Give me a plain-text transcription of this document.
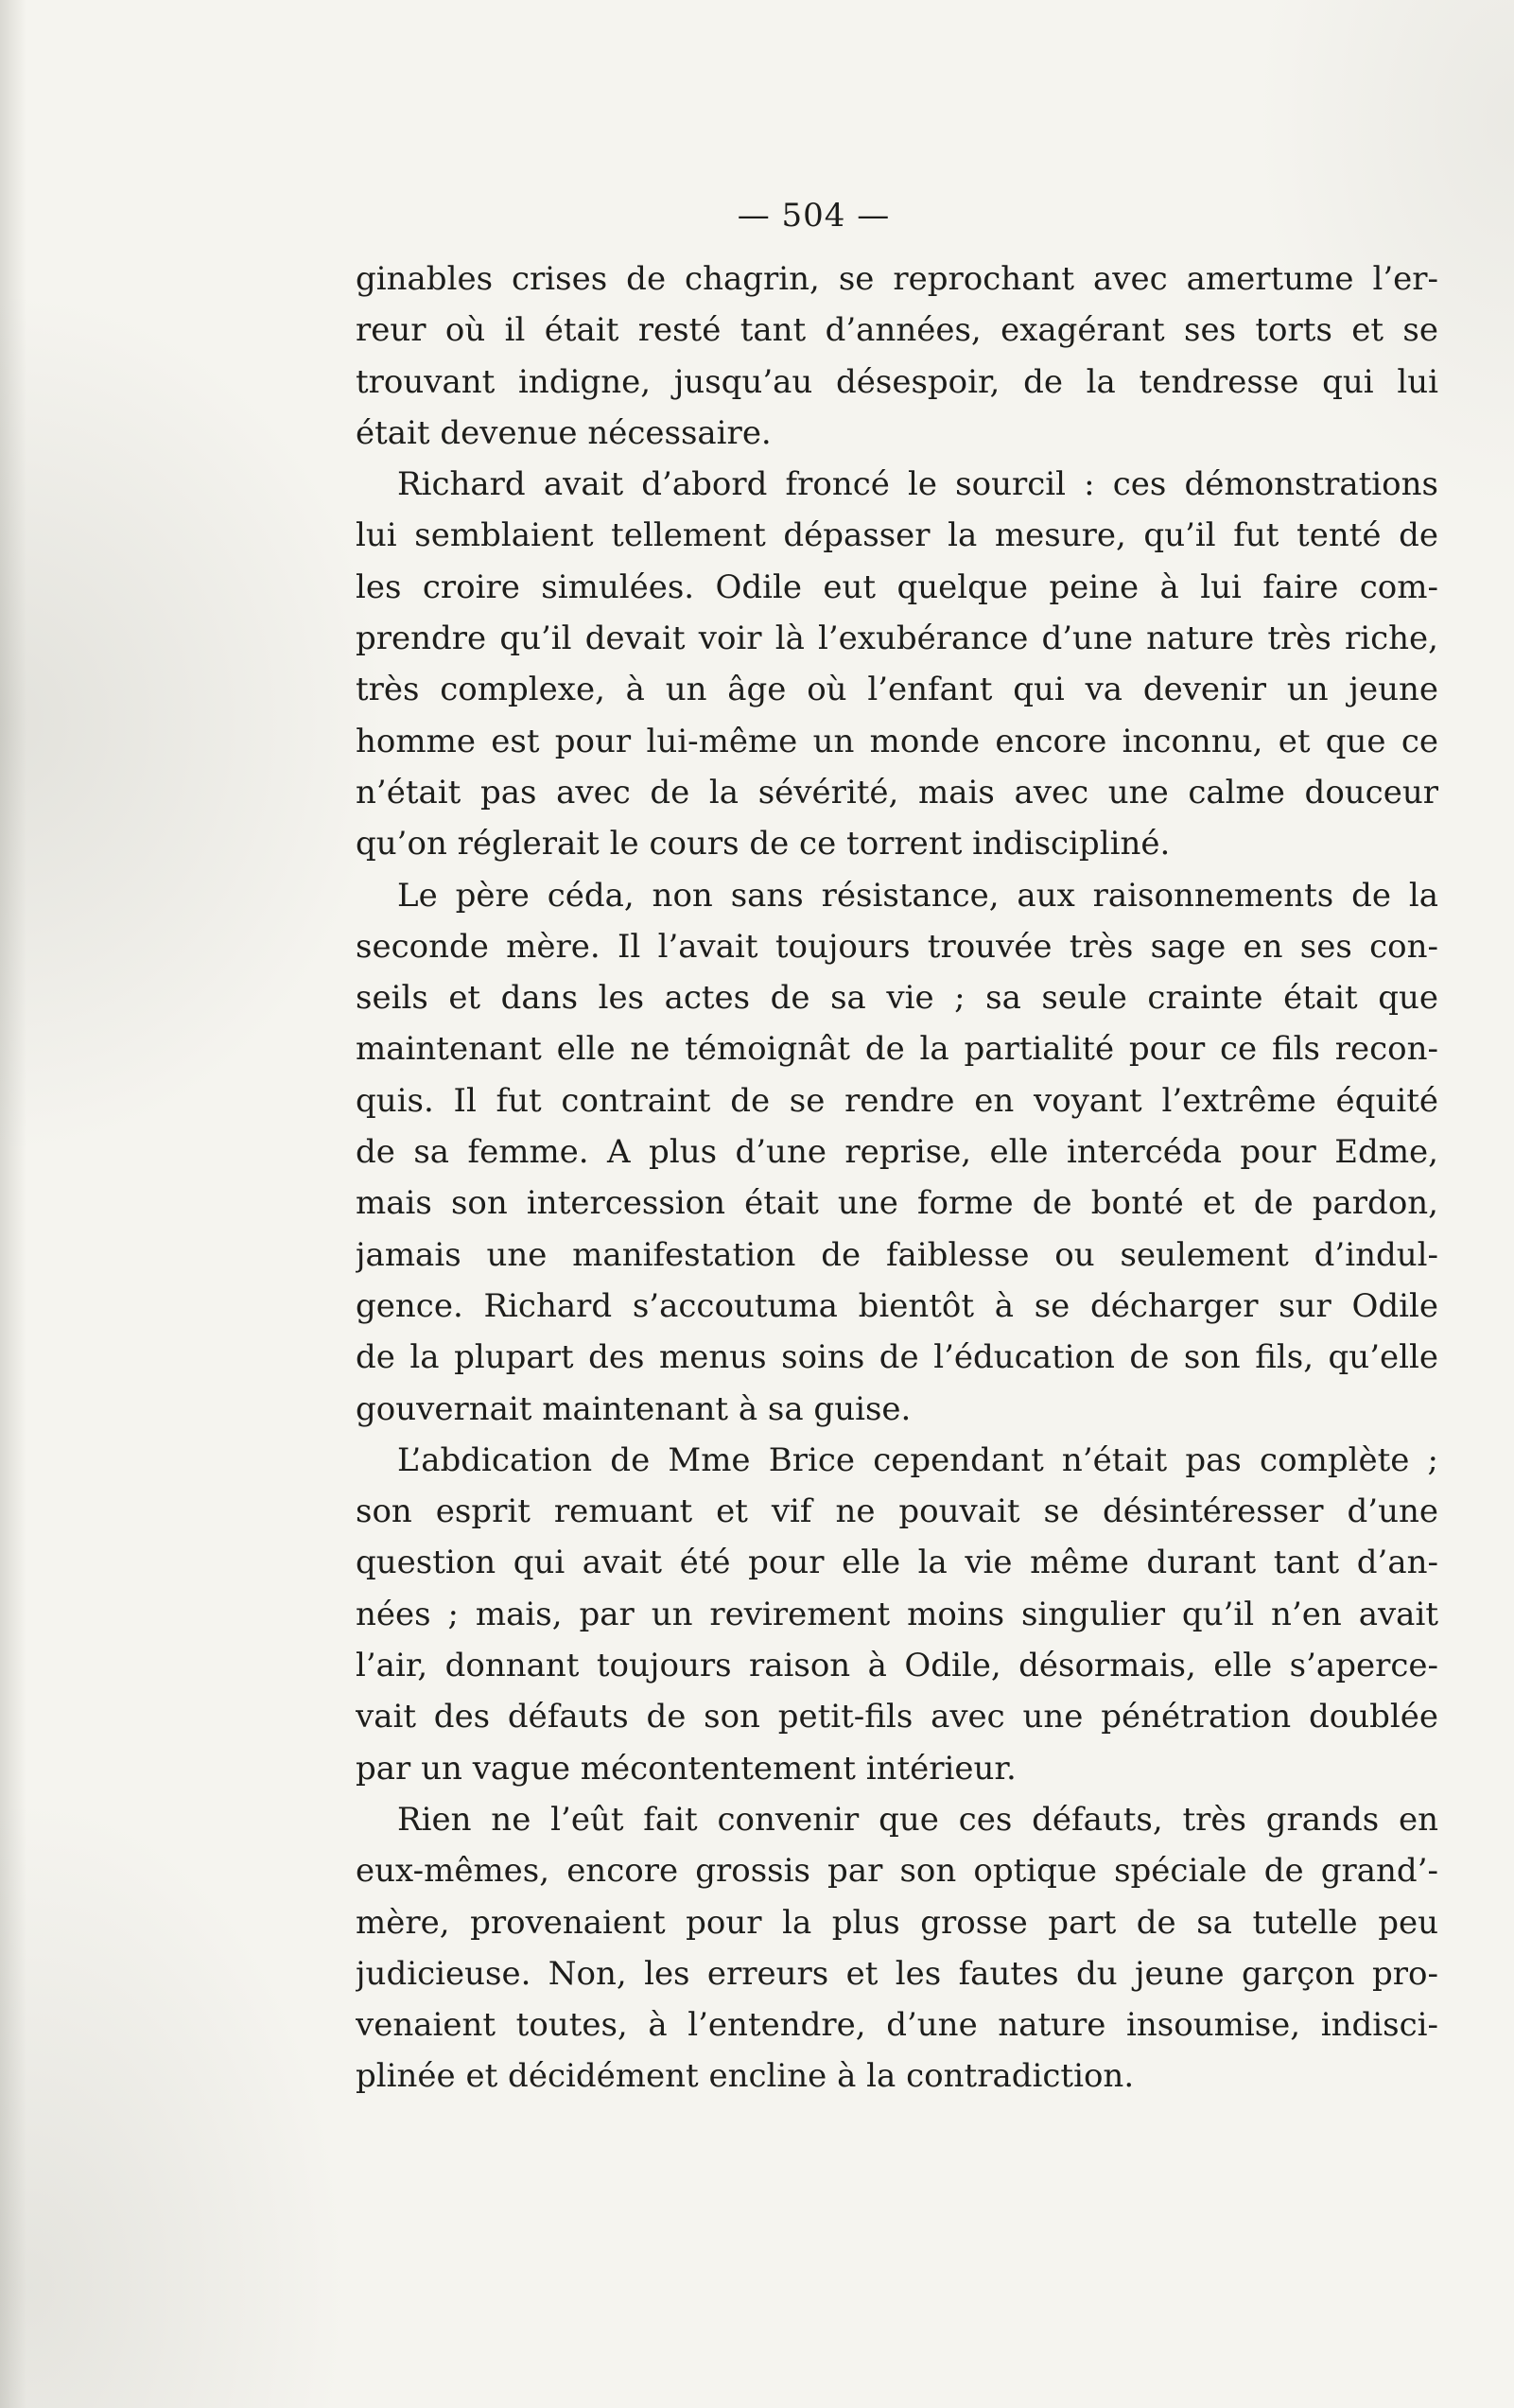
— 504 —
ginables crises de chagrin, se reprochant avec amertume l’er-
reur où il était resté tant d’années, exagérant ses torts et se
trouvant indigne, jusqu’au désespoir, de la tendresse qui lui
était devenue nécessaire.
Richard avait d’abord froncé le sourcil : ces démonstrations
lui semblaient tellement dépasser la mesure, qu’il fut tenté de
les croire simulées. Odile eut quelque peine à lui faire com-
prendre qu’il devait voir là l’exubérance d’une nature très riche,
très complexe, à un âge où l’enfant qui va devenir un jeune
homme est pour lui-même un monde encore inconnu, et que ce
n’était pas avec de la sévérité, mais avec une calme douceur
qu’on réglerait le cours de ce torrent indiscipliné.
Le père céda, non sans résistance, aux raisonnements de la
seconde mère. Il l’avait toujours trouvée très sage en ses con-
seils et dans les actes de sa vie ; sa seule crainte était que
maintenant elle ne témoignât de la partialité pour ce fils recon-
quis. Il fut contraint de se rendre en voyant l’extrême équité
de sa femme. A plus d’une reprise, elle intercéda pour Edme,
mais son intercession était une forme de bonté et de pardon,
jamais une manifestation de faiblesse ou seulement d’indul-
gence. Richard s’accoutuma bientôt à se décharger sur Odile
de la plupart des menus soins de l’éducation de son fils, qu’elle
gouvernait maintenant à sa guise.
L’abdication de Mme Brice cependant n’était pas complète ;
son esprit remuant et vif ne pouvait se désintéresser d’une
question qui avait été pour elle la vie même durant tant d’an-
nées ; mais, par un revirement moins singulier qu’il n’en avait
l’air, donnant toujours raison à Odile, désormais, elle s’aperce-
vait des défauts de son petit-fils avec une pénétration doublée
par un vague mécontentement intérieur.
Rien ne l’eût fait convenir que ces défauts, très grands en
eux-mêmes, encore grossis par son optique spéciale de grand’-
mère, provenaient pour la plus grosse part de sa tutelle peu
judicieuse. Non, les erreurs et les fautes du jeune garçon pro-
venaient toutes, à l’entendre, d’une nature insoumise, indisci-
plinée et décidément encline à la contradiction.
